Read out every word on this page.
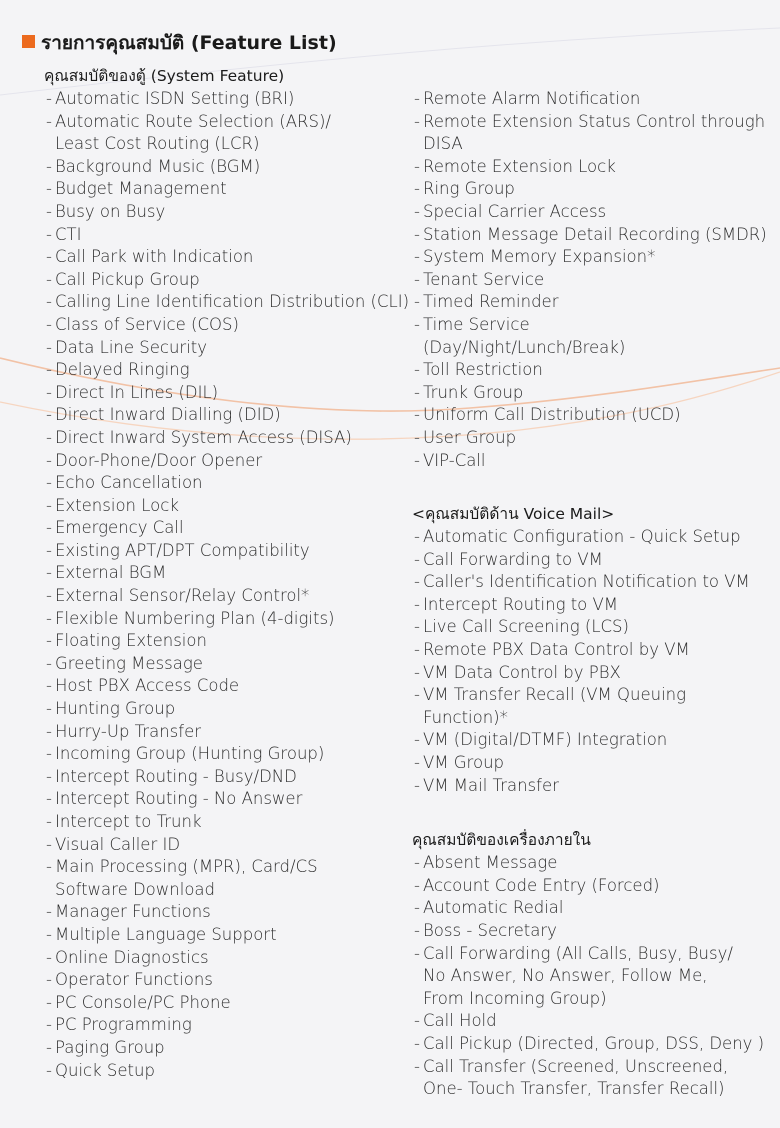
รายการคุณสมบัติ (Feature List)
คุณสมบัติของตู้ (System Feature)
- Automatic ISDN Setting (BRI)
- Automatic Route Selection (ARS)/
Least Cost Routing (LCR)
- Background Music (BGM)
- Budget Management
- Busy on Busy
- CTI
- Call Park with Indication
- Call Pickup Group
- Calling Line Identification Distribution (CLI)
- Class of Service (COS)
- Data Line Security
- Delayed Ringing
- Direct In Lines (DIL)
- Direct Inward Dialling (DID)
- Direct Inward System Access (DISA)
- Door-Phone/Door Opener
- Echo Cancellation
- Extension Lock
- Emergency Call
- Existing APT/DPT Compatibility
- External BGM
- External Sensor/Relay Control*
- Flexible Numbering Plan (4-digits)
- Floating Extension
- Greeting Message
- Host PBX Access Code
- Hunting Group
- Hurry-Up Transfer
- Incoming Group (Hunting Group)
- Intercept Routing - Busy/DND
- Intercept Routing - No Answer
- Intercept to Trunk
- Visual Caller ID
- Main Processing (MPR), Card/CS
Software Download
- Manager Functions
- Multiple Language Support
- Online Diagnostics
- Operator Functions
- PC Console/PC Phone
- PC Programming
- Paging Group
- Quick Setup
- Remote Alarm Notification
- Remote Extension Status Control through
DISA
- Remote Extension Lock
- Ring Group
- Special Carrier Access
- Station Message Detail Recording (SMDR)
- System Memory Expansion*
- Tenant Service
- Timed Reminder
- Time Service
(Day/Night/Lunch/Break)
- Toll Restriction
- Trunk Group
- Uniform Call Distribution (UCD)
- User Group
- VIP-Call
<คุณสมบัติด้าน Voice Mail>
- Automatic Configuration - Quick Setup
- Call Forwarding to VM
- Caller's Identification Notification to VM
- Intercept Routing to VM
- Live Call Screening (LCS)
- Remote PBX Data Control by VM
- VM Data Control by PBX
- VM Transfer Recall (VM Queuing
Function)*
- VM (Digital/DTMF) Integration
- VM Group
- VM Mail Transfer
คุณสมบัติของเครื่องภายใน
- Absent Message
- Account Code Entry (Forced)
- Automatic Redial
- Boss - Secretary
- Call Forwarding (All Calls, Busy, Busy/
No Answer, No Answer, Follow Me,
From Incoming Group)
- Call Hold
- Call Pickup (Directed, Group, DSS, Deny )
- Call Transfer (Screened, Unscreened,
One- Touch Transfer, Transfer Recall)
